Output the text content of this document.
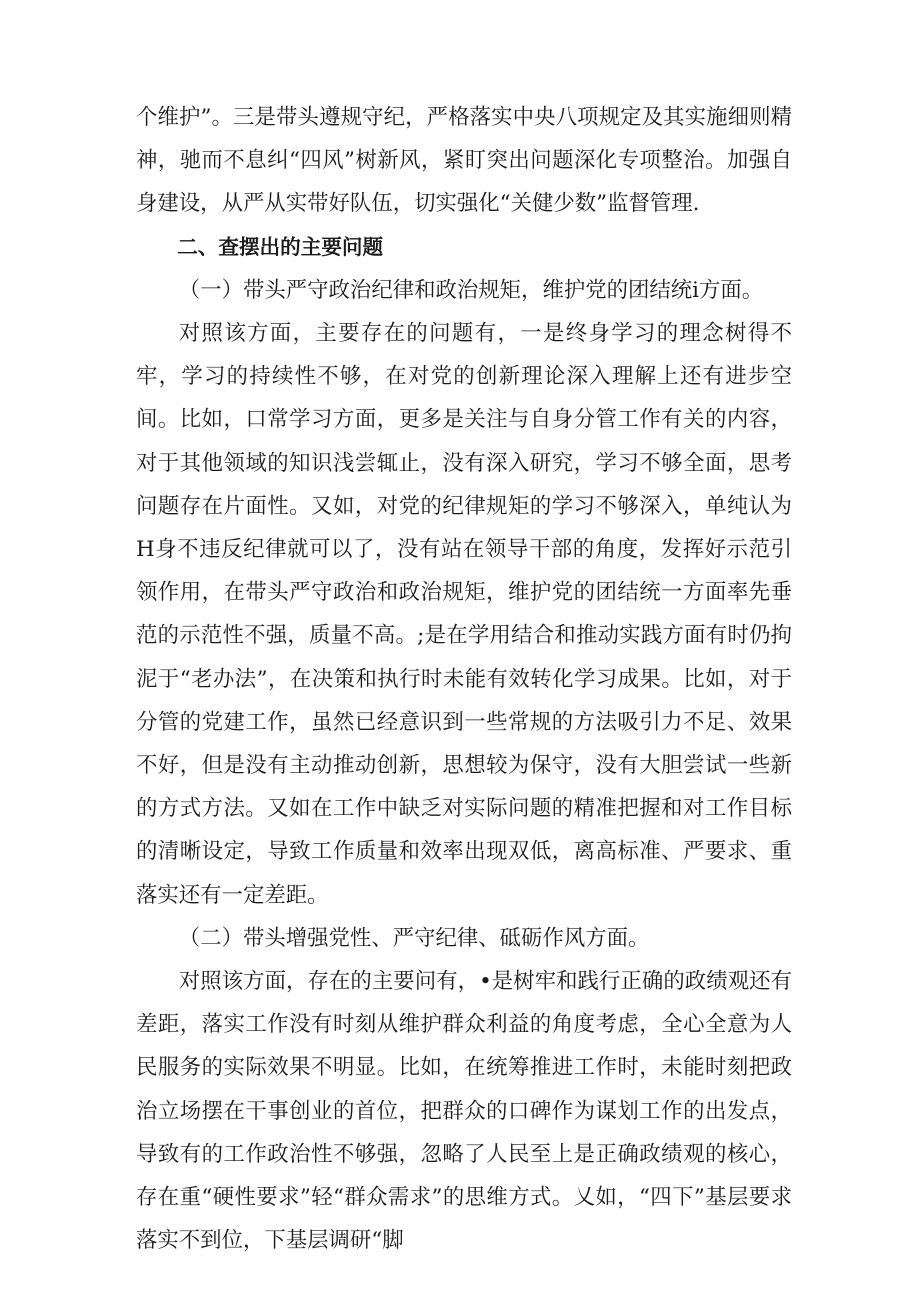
个维护”。三是带头遵规守纪，严格落实中央八项规定及其实施细则精神，驰而不息纠“四风”树新风，紧盯突出问题深化专项整治。加强自身建设，从严从实带好队伍，切实强化“关健少数”监督管理.

二、查摆出的主要问题

（一）带头严守政治纪律和政治规矩，维护党的团结统i方面。

对照该方面，主要存在的问题有，一是终身学习的理念树得不牢，学习的持续性不够，在对党的创新理论深入理解上还有进步空间。比如，口常学习方面，更多是关注与自身分管工作有关的内容，对于其他领域的知识浅尝辄止，没有深入研究，学习不够全面，思考问题存在片面性。又如，对党的纪律规矩的学习不够深入，单纯认为H身不违反纪律就可以了，没有站在领导干部的角度，发挥好示范引领作用，在带头严守政治和政治规矩，维护党的团结统一方面率先垂范的示范性不强，质量不高。;是在学用结合和推动实践方面有时仍拘泥于“老办法”，在决策和执行时未能有效转化学习成果。比如，对于分管的党建工作，虽然已经意识到一些常规的方法吸引力不足、效果不好，但是没有主动推动创新，思想较为保守，没有大胆尝试一些新的方式方法。又如在工作中缺乏对实际问题的精准把握和对工作目标的清晰设定，导致工作质量和效率出现双低，离高标准、严要求、重落实还有一定差距。

（二）带头增强党性、严守纪律、砥砺作风方面。

对照该方面，存在的主要问有，•是树牢和践行正确的政绩观还有差距，落实工作没有时刻从维护群众利益的角度考虑，全心全意为人民服务的实际效果不明显。比如，在统筹推进工作时，未能时刻把政治立场摆在干事创业的首位，把群众的口碑作为谋划工作的出发点，导致有的工作政治性不够强，忽略了人民至上是正确政绩观的核心，存在重“硬性要求”轻“群众需求”的思维方式。乂如，“四下”基层要求落实不到位，下基层调研“脚
